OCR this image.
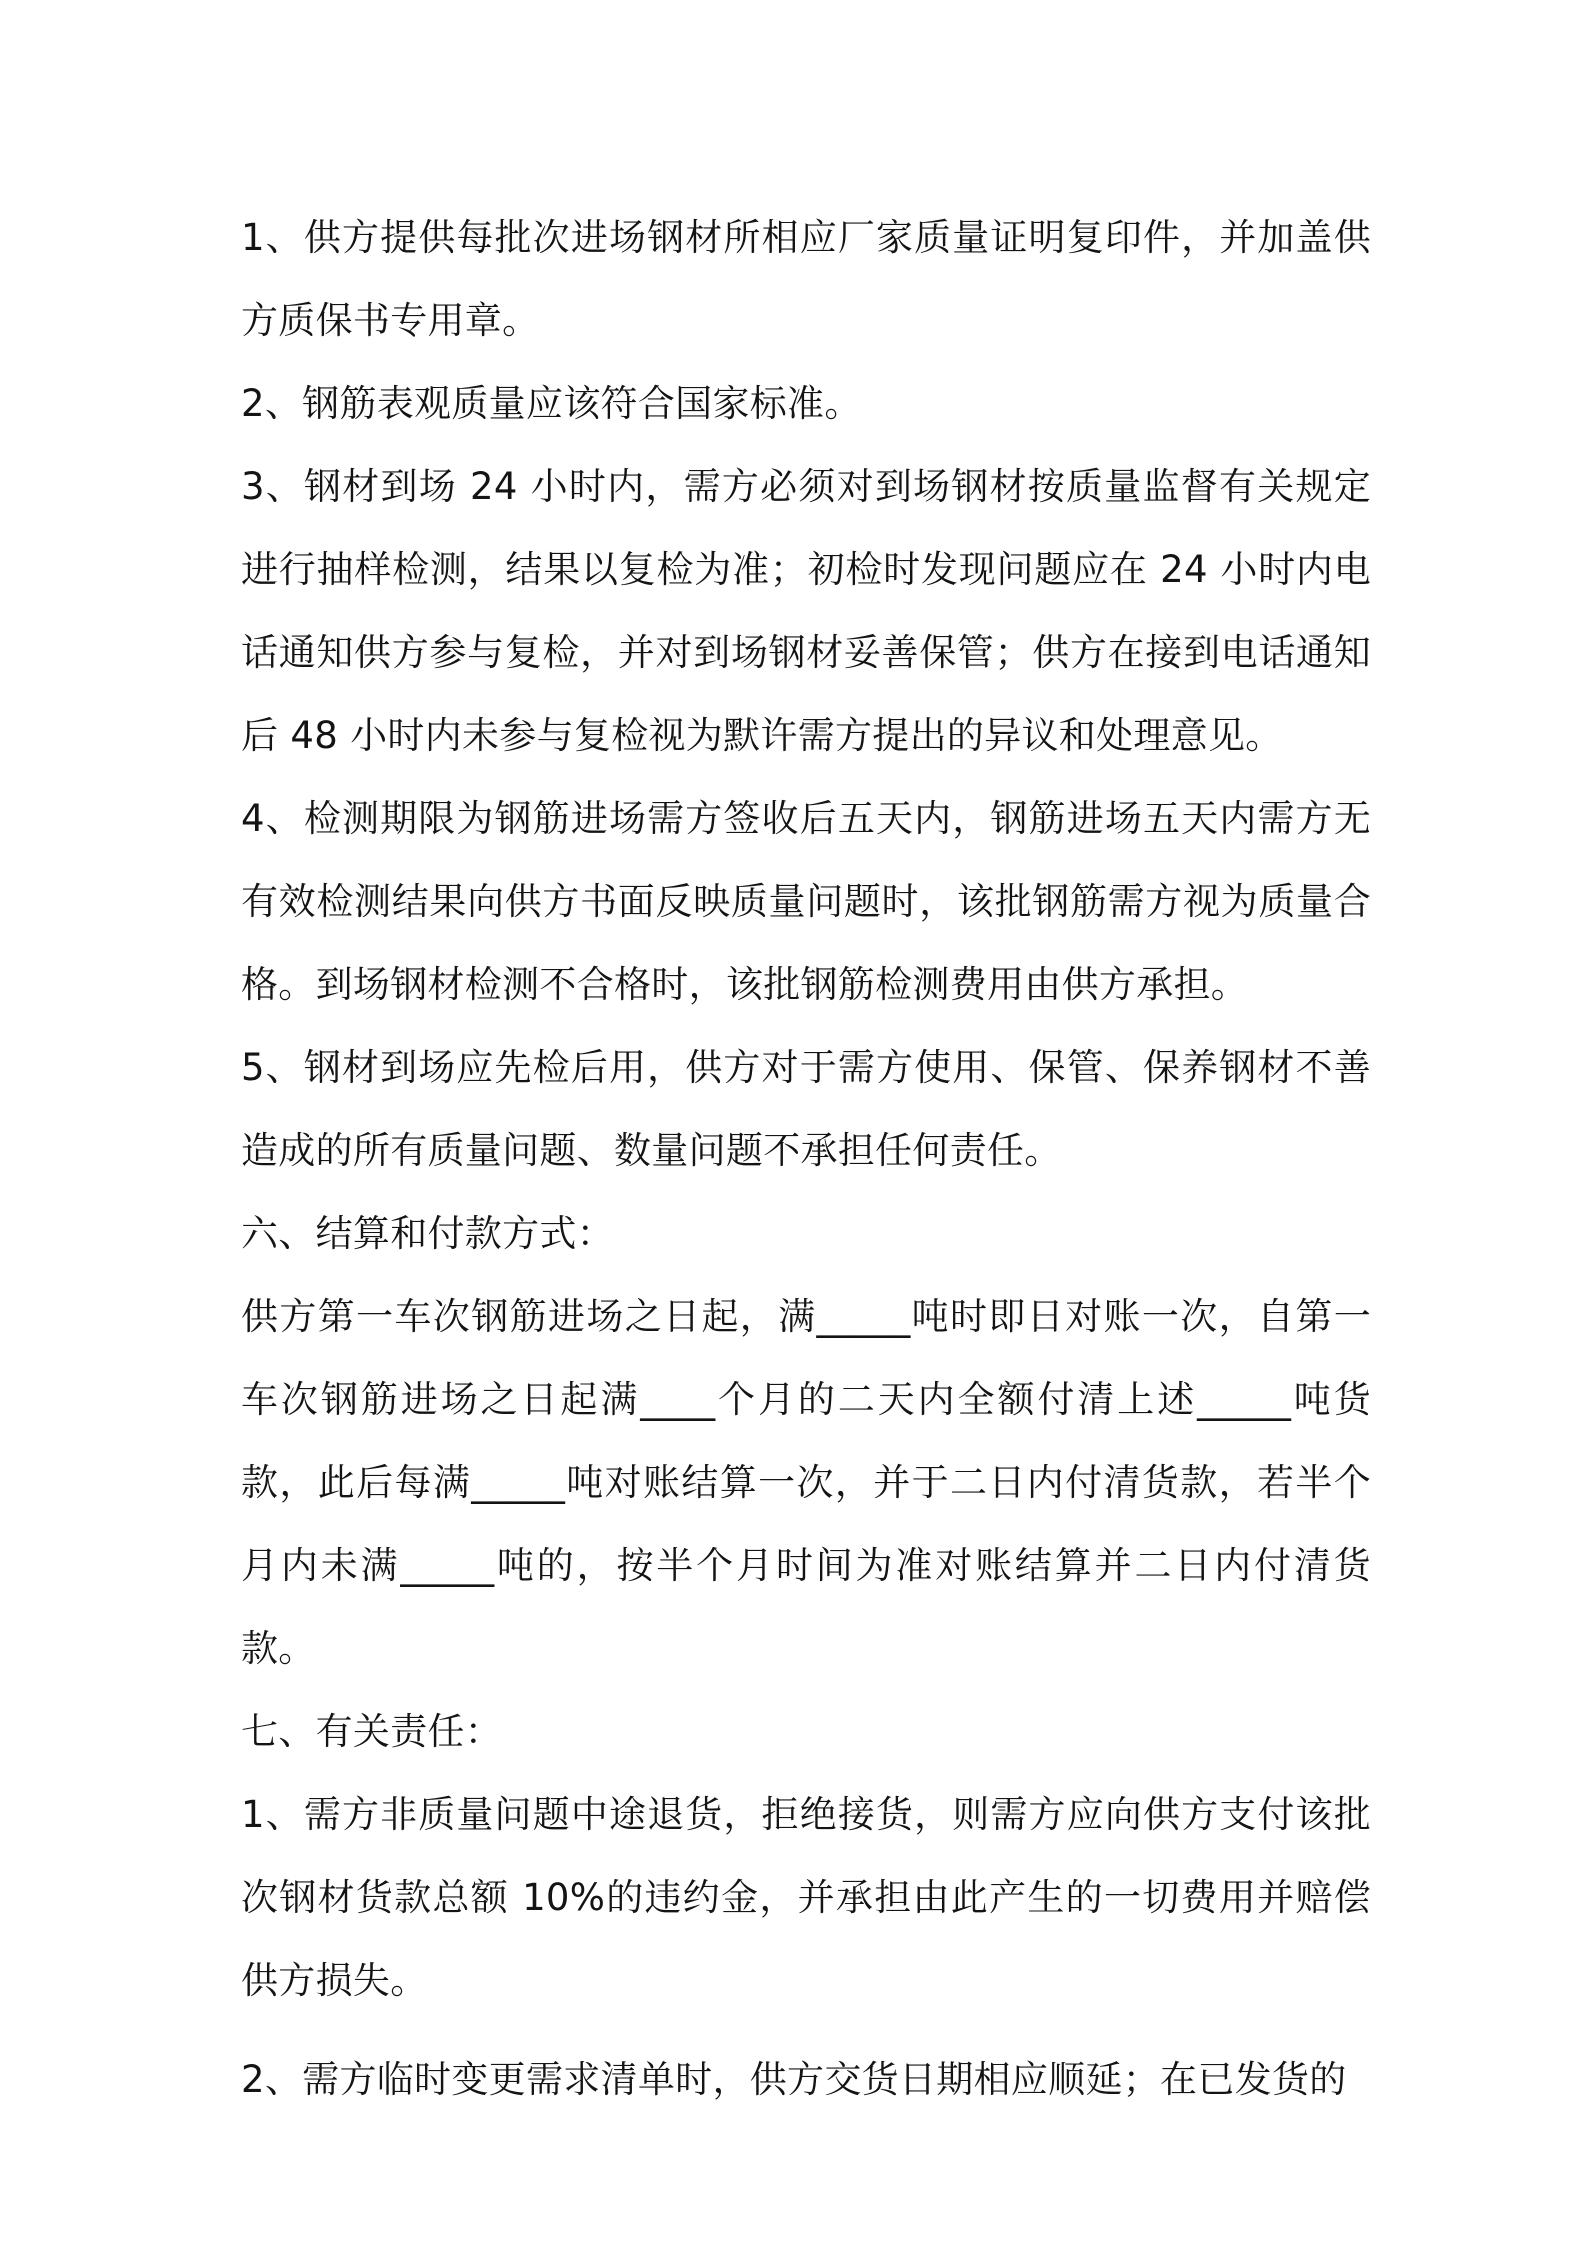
1、供方提供每批次进场钢材所相应厂家质量证明复印件，并加盖供方质保书专用章。

2、钢筋表观质量应该符合国家标准。

3、钢材到场 24 小时内，需方必须对到场钢材按质量监督有关规定进行抽样检测，结果以复检为准；初检时发现问题应在 24 小时内电话通知供方参与复检，并对到场钢材妥善保管；供方在接到电话通知后 48 小时内未参与复检视为默许需方提出的异议和处理意见。

4、检测期限为钢筋进场需方签收后五天内，钢筋进场五天内需方无有效检测结果向供方书面反映质量问题时，该批钢筋需方视为质量合格。到场钢材检测不合格时，该批钢筋检测费用由供方承担。

5、钢材到场应先检后用，供方对于需方使用、保管、保养钢材不善造成的所有质量问题、数量问题不承担任何责任。

六、结算和付款方式：

供方第一车次钢筋进场之日起，满_____吨时即日对账一次，自第一车次钢筋进场之日起满____个月的二天内全额付清上述_____吨货款，此后每满_____吨对账结算一次，并于二日内付清货款，若半个月内未满_____吨的，按半个月时间为准对账结算并二日内付清货款。

七、有关责任：

1、需方非质量问题中途退货，拒绝接货，则需方应向供方支付该批次钢材货款总额 10%的违约金，并承担由此产生的一切费用并赔偿供方损失。

2、需方临时变更需求清单时，供方交货日期相应顺延；在已发货的
